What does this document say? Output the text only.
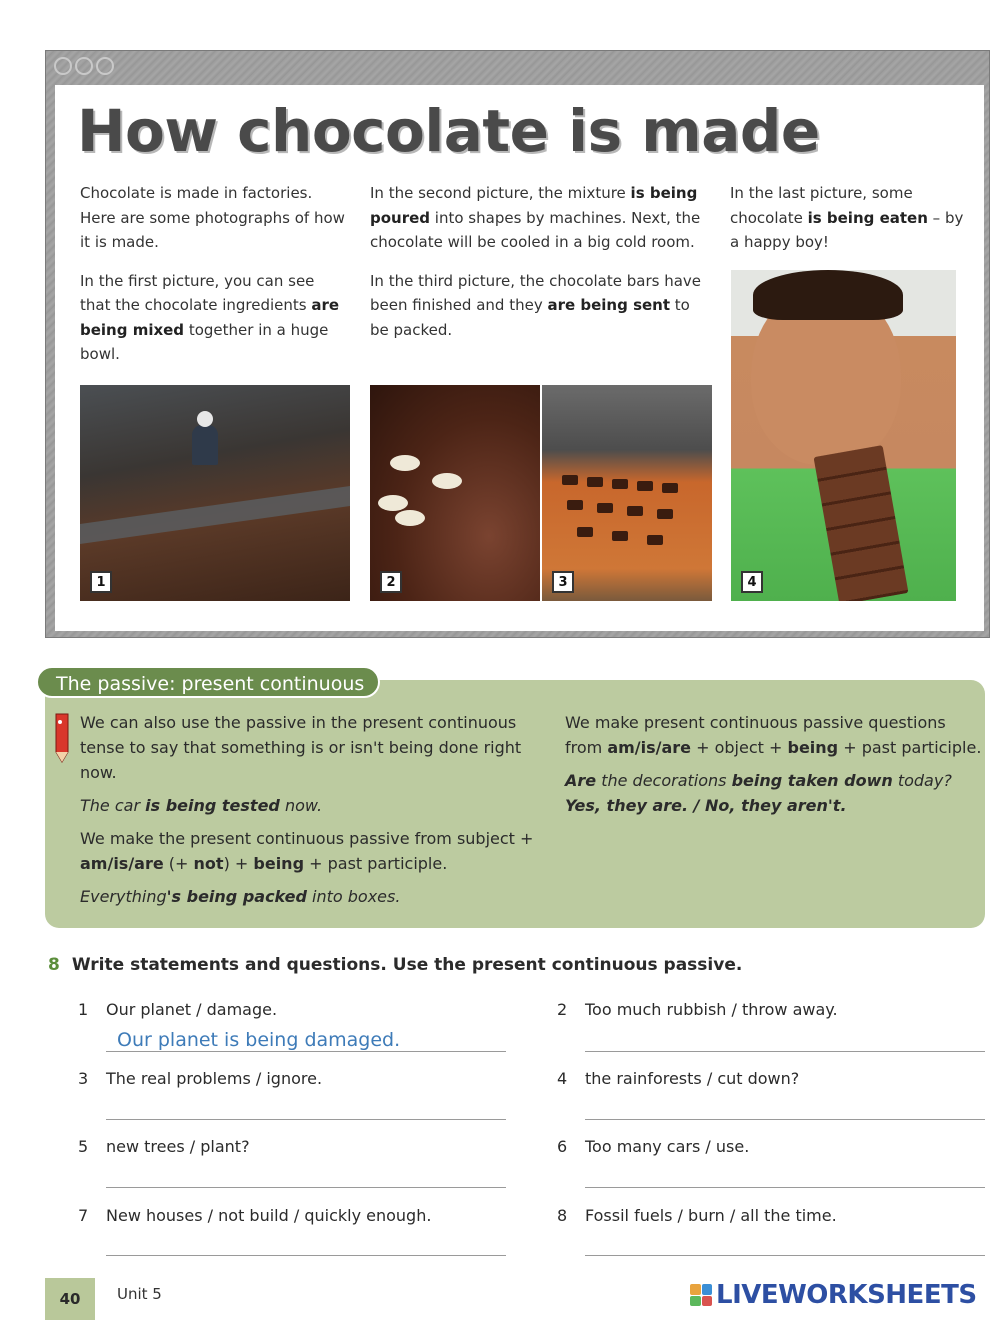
How chocolate is made

Chocolate is made in factories. Here are some photographs of how it is made.

In the first picture, you can see that the chocolate ingredients are being mixed together in a huge bowl.

In the second picture, the mixture is being poured into shapes by machines. Next, the chocolate will be cooled in a big cold room.

In the third picture, the chocolate bars have been finished and they are being sent to be packed.

In the last picture, some chocolate is being eaten – by a happy boy!

1	2	3	4
The passive: present continuous

We can also use the passive in the present continuous tense to say that something is or isn't being done right now.

The car is being tested now.

We make the present continuous passive from subject + am/is/are (+ not) + being + past participle.

Everything's being packed into boxes.

We make present continuous passive questions from am/is/are + object + being + past participle.

Are the decorations being taken down today?

Yes, they are. / No, they aren't.

8 Write statements and questions. Use the present continuous passive.
1 Our planet / damage.	2 Too much rubbish / throw away.
Our planet is being damaged.
3 The real problems / ignore.	4 the rainforests / cut down?
5 new trees / plant?	6 Too many cars / use.
7 New houses / not build / quickly enough.	8 Fossil fuels / burn / all the time.
40	Unit 5	LIVEWORKSHEETS
